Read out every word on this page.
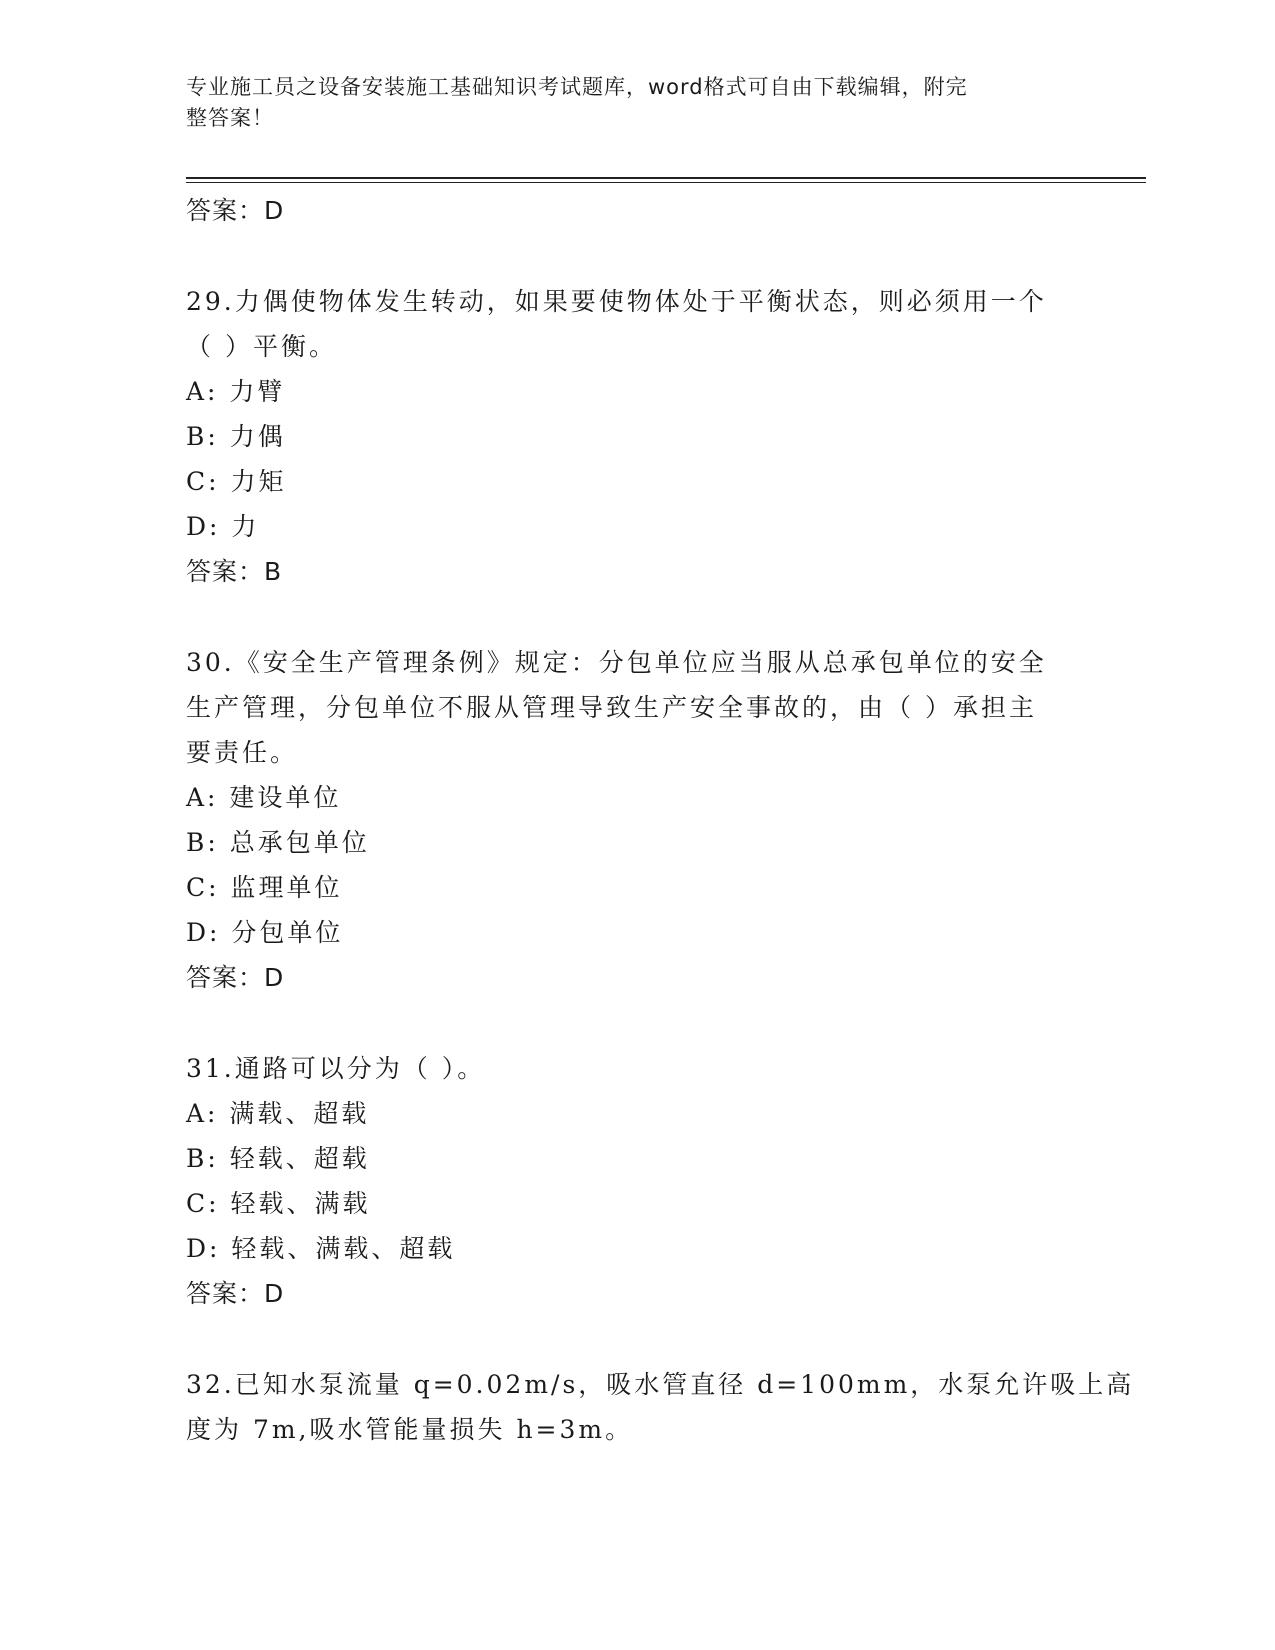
专业施工员之设备安装施工基础知识考试题库，word格式可自由下载编辑，附完
整答案！
答案：D
29.力偶使物体发生转动，如果要使物体处于平衡状态，则必须用一个
（ ）平衡。
A: 力臂
B: 力偶
C: 力矩
D: 力
答案：B
30.《安全生产管理条例》规定：分包单位应当服从总承包单位的安全
生产管理，分包单位不服从管理导致生产安全事故的，由（ ）承担主
要责任。
A: 建设单位
B: 总承包单位
C: 监理单位
D: 分包单位
答案：D
31.通路可以分为（ ）。
A: 满载、超载
B: 轻载、超载
C: 轻载、满载
D: 轻载、满载、超载
答案：D
32.已知水泵流量 q=0.02m/s，吸水管直径 d=100mm，水泵允许吸上高
度为 7m,吸水管能量损失 h=3m。
